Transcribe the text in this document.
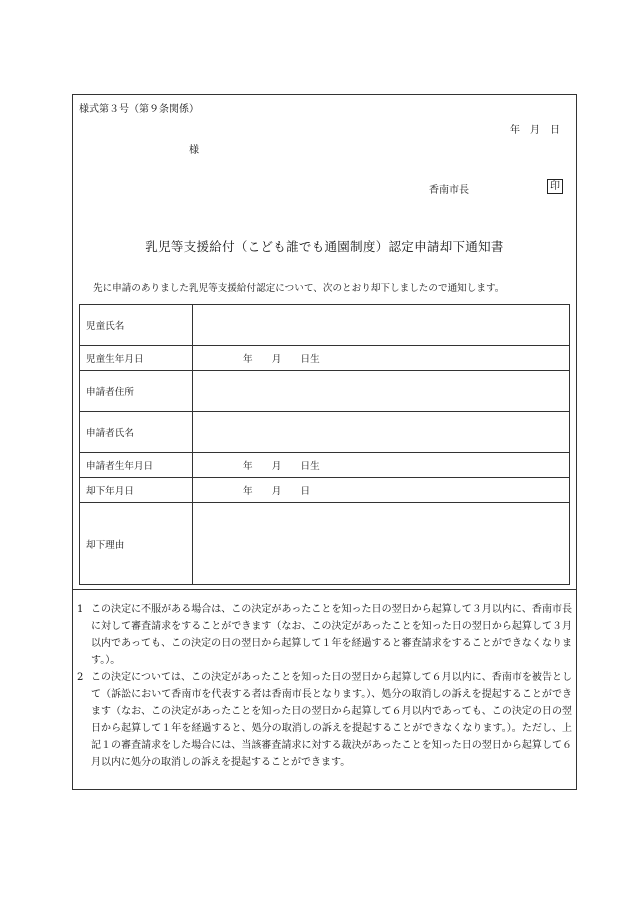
様式第３号（第９条関係）
年　月　日
様
香南市長	印
乳児等支援給付（こども誰でも通園制度）認定申請却下通知書
先に申請のありました乳児等支援給付認定について、次のとおり却下しましたので通知します。
児童氏名	
児童生年月日	年　　月　　日生
申請者住所	
申請者氏名	
申請者生年月日	年　　月　　日生
却下年月日	年　　月　　日
却下理由	
1 この決定に不服がある場合は、この決定があったことを知った日の翌日から起算して３月以内に、香南市長に対して審査請求をすることができます（なお、この決定があったことを知った日の翌日から起算して３月以内であっても、この決定の日の翌日から起算して１年を経過すると審査請求をすることができなくなります。）。
2 この決定については、この決定があったことを知った日の翌日から起算して６月以内に、香南市を被告として（訴訟において香南市を代表する者は香南市長となります。）、処分の取消しの訴えを提起することができます（なお、この決定があったことを知った日の翌日から起算して６月以内であっても、この決定の日の翌日から起算して１年を経過すると、処分の取消しの訴えを提起することができなくなります。）。ただし、上記１の審査請求をした場合には、当該審査請求に対する裁決があったことを知った日の翌日から起算して６月以内に処分の取消しの訴えを提起することができます。
